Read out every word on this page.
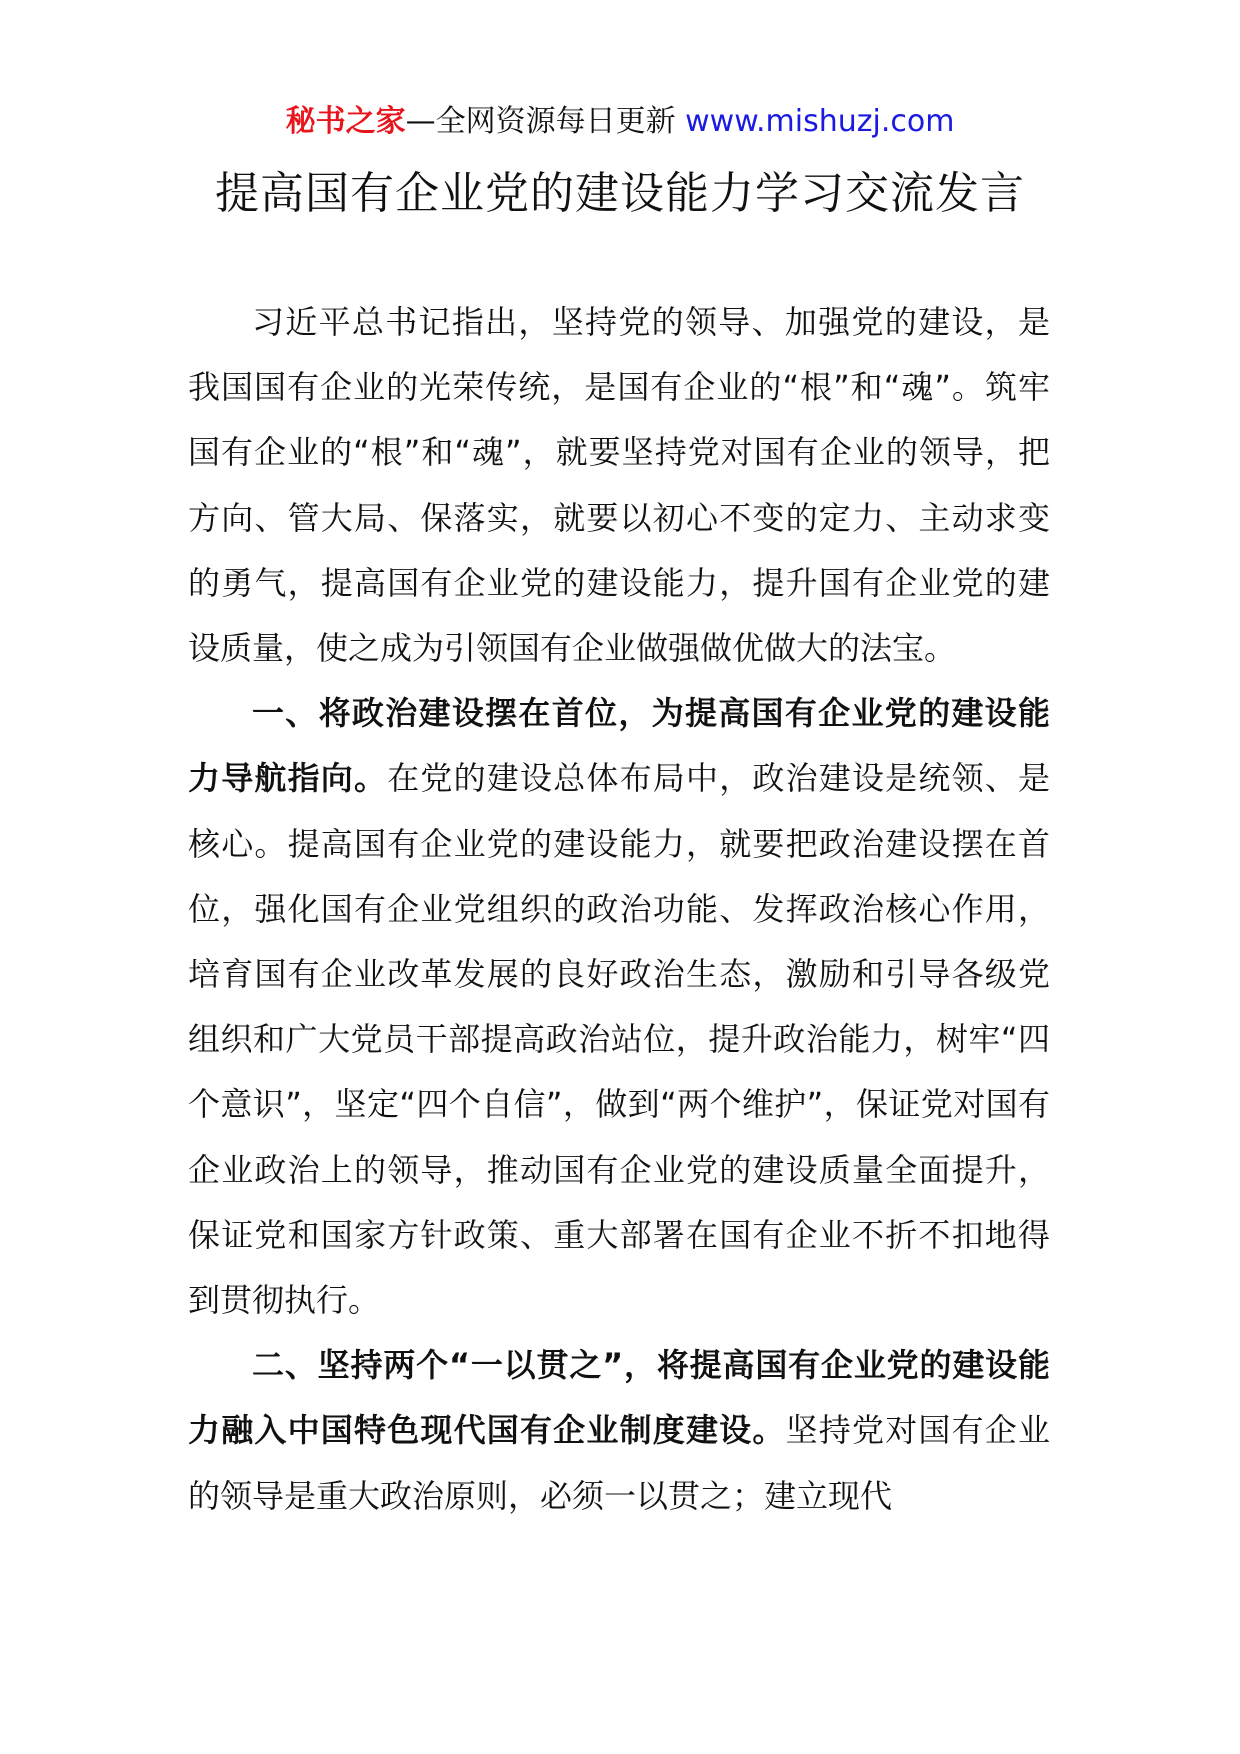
秘书之家—全网资源每日更新 www.mishuzj.com
提高国有企业党的建设能力学习交流发言

习近平总书记指出，坚持党的领导、加强党的建设，是我国国有企业的光荣传统，是国有企业的“根”和“魂”。筑牢国有企业的“根”和“魂”，就要坚持党对国有企业的领导，把方向、管大局、保落实，就要以初心不变的定力、主动求变的勇气，提高国有企业党的建设能力，提升国有企业党的建设质量，使之成为引领国有企业做强做优做大的法宝。

一、将政治建设摆在首位，为提高国有企业党的建设能力导航指向。在党的建设总体布局中，政治建设是统领、是核心。提高国有企业党的建设能力，就要把政治建设摆在首位，强化国有企业党组织的政治功能、发挥政治核心作用，培育国有企业改革发展的良好政治生态，激励和引导各级党组织和广大党员干部提高政治站位，提升政治能力，树牢“四个意识”，坚定“四个自信”，做到“两个维护”，保证党对国有企业政治上的领导，推动国有企业党的建设质量全面提升，保证党和国家方针政策、重大部署在国有企业不折不扣地得到贯彻执行。

二、坚持两个“一以贯之”，将提高国有企业党的建设能力融入中国特色现代国有企业制度建设。坚持党对国有企业的领导是重大政治原则，必须一以贯之；建立现代
